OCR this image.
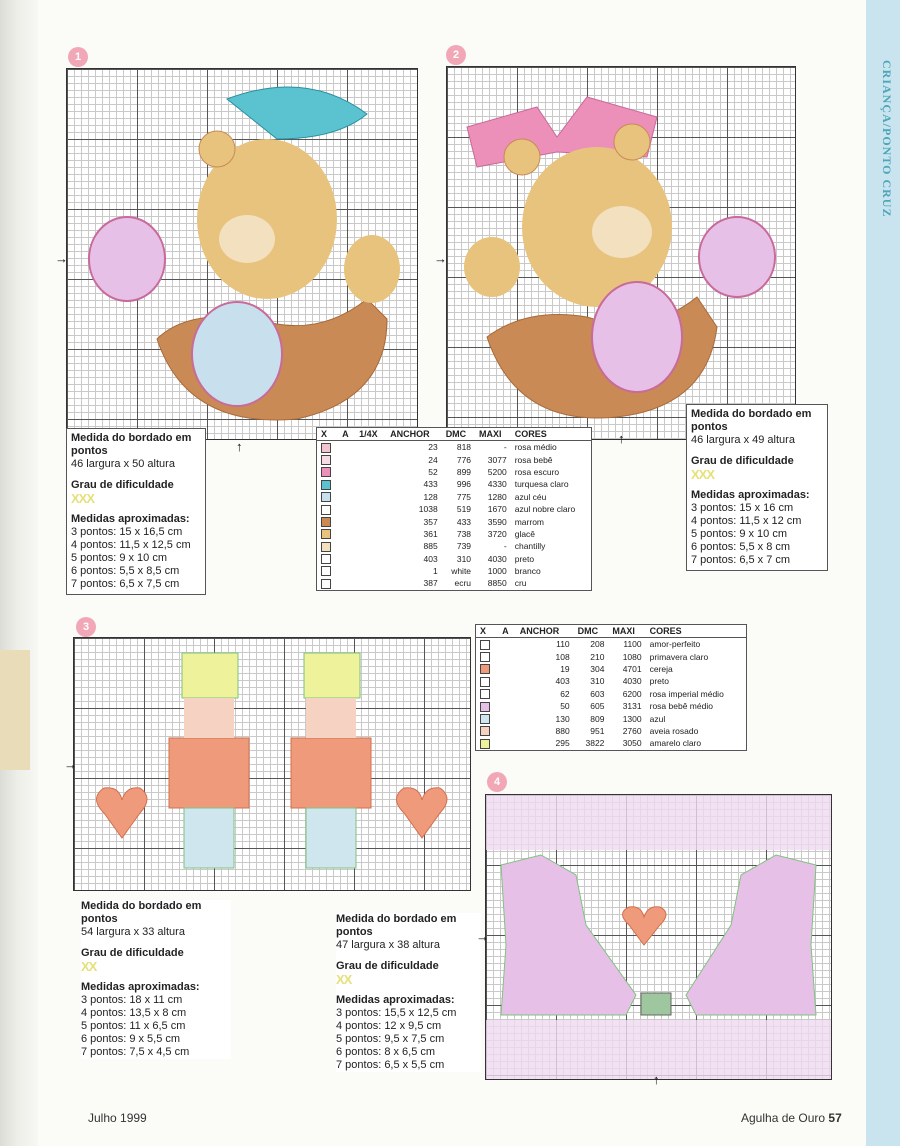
CRIANÇA/PONTO CRUZ
1
→
↑
Medida do bordado em pontos
46 largura x 50 altura
Grau de dificuldade
XXX
Medidas aproximadas:
3 pontos: 15 x 16,5 cm
4 pontos: 11,5 x 12,5 cm
5 pontos: 9 x 10 cm
6 pontos: 5,5 x 8,5 cm
7 pontos: 6,5 x 7,5 cm
2
→
↑
Medida do bordado em pontos
46 largura x 49 altura
Grau de dificuldade
XXX
Medidas aproximadas:
3 pontos: 15 x 16 cm
4 pontos: 11,5 x 12 cm
5 pontos: 9 x 10 cm
6 pontos: 5,5 x 8 cm
7 pontos: 6,5 x 7 cm
X	A	1/4X	ANCHOR	DMC	MAXI	CORES
			23	818	-	rosa médio
			24	776	3077	rosa bebê
			52	899	5200	rosa escuro
			433	996	4330	turquesa claro
			128	775	1280	azul céu
			1038	519	1670	azul nobre claro
			357	433	3590	marrom
			361	738	3720	glacê
			885	739	-	chantilly
			403	310	4030	preto
			1	white	1000	branco
			387	ecru	8850	cru
3
→
X	A	ANCHOR	DMC	MAXI	CORES
		110	208	1100	amor-perfeito
		108	210	1080	primavera claro
		19	304	4701	cereja
		403	310	4030	preto
		62	603	6200	rosa imperial médio
		50	605	3131	rosa bebê médio
		130	809	1300	azul
		880	951	2760	aveia rosado
		295	3822	3050	amarelo claro
Medida do bordado em pontos
54 largura x 33 altura
Grau de dificuldade
XX
Medidas aproximadas:
3 pontos: 18 x 11 cm
4 pontos: 13,5 x 8 cm
5 pontos: 11 x 6,5 cm
6 pontos: 9 x 5,5 cm
7 pontos: 7,5 x 4,5 cm
Medida do bordado em pontos
47 largura x 38 altura
Grau de dificuldade
XX
Medidas aproximadas:
3 pontos: 15,5 x 12,5 cm
4 pontos: 12 x 9,5 cm
5 pontos: 9,5 x 7,5 cm
6 pontos: 8 x 6,5 cm
7 pontos: 6,5 x 5,5 cm
4
→
↑
Julho 1999	Agulha de Ouro 57
